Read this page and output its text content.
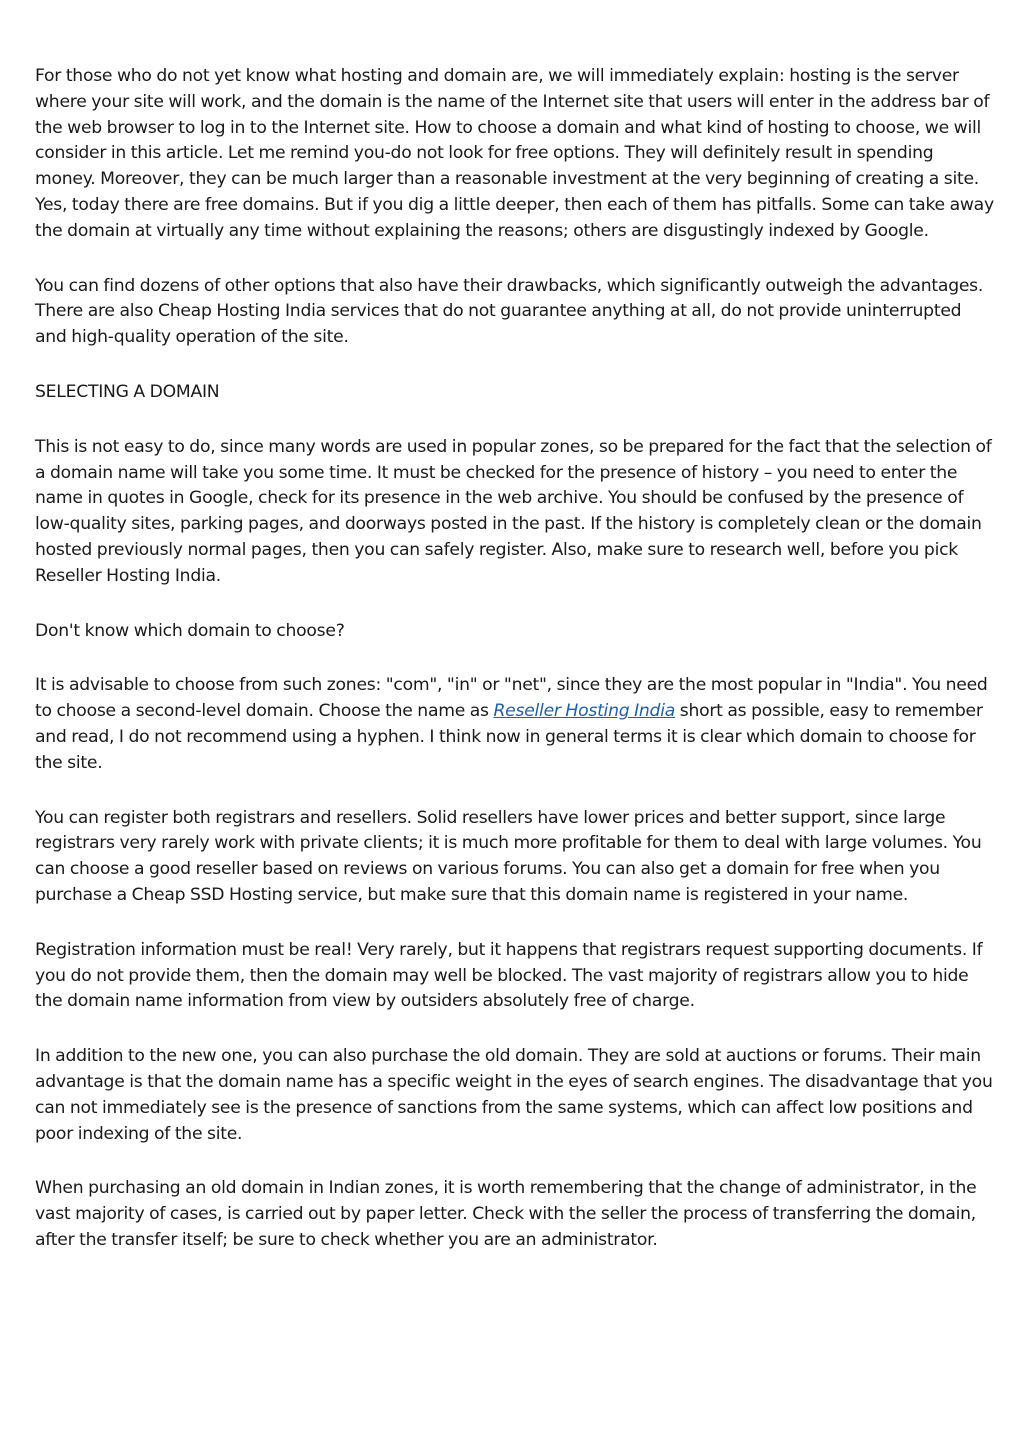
For those who do not yet know what hosting and domain are, we will immediately explain: hosting is the server where your site will work, and the domain is the name of the Internet site that users will enter in the address bar of the web browser to log in to the Internet site. How to choose a domain and what kind of hosting to choose, we will consider in this article. Let me remind you-do not look for free options. They will definitely result in spending money. Moreover, they can be much larger than a reasonable investment at the very beginning of creating a site. Yes, today there are free domains. But if you dig a little deeper, then each of them has pitfalls. Some can take away the domain at virtually any time without explaining the reasons; others are disgustingly indexed by Google.

You can find dozens of other options that also have their drawbacks, which significantly outweigh the advantages. There are also Cheap Hosting India services that do not guarantee anything at all, do not provide uninterrupted and high-quality operation of the site.

SELECTING A DOMAIN

This is not easy to do, since many words are used in popular zones, so be prepared for the fact that the selection of a domain name will take you some time. It must be checked for the presence of history – you need to enter the name in quotes in Google, check for its presence in the web archive. You should be confused by the presence of low-quality sites, parking pages, and doorways posted in the past. If the history is completely clean or the domain hosted previously normal pages, then you can safely register. Also, make sure to research well, before you pick Reseller Hosting India.

Don't know which domain to choose?

It is advisable to choose from such zones: "com", "in" or "net", since they are the most popular in "India". You need to choose a second-level domain. Choose the name as Reseller Hosting India short as possible, easy to remember and read, I do not recommend using a hyphen. I think now in general terms it is clear which domain to choose for the site.

You can register both registrars and resellers. Solid resellers have lower prices and better support, since large registrars very rarely work with private clients; it is much more profitable for them to deal with large volumes. You can choose a good reseller based on reviews on various forums. You can also get a domain for free when you purchase a Cheap SSD Hosting service, but make sure that this domain name is registered in your name.

Registration information must be real! Very rarely, but it happens that registrars request supporting documents. If you do not provide them, then the domain may well be blocked. The vast majority of registrars allow you to hide the domain name information from view by outsiders absolutely free of charge.

In addition to the new one, you can also purchase the old domain. They are sold at auctions or forums. Their main advantage is that the domain name has a specific weight in the eyes of search engines. The disadvantage that you can not immediately see is the presence of sanctions from the same systems, which can affect low positions and poor indexing of the site.

When purchasing an old domain in Indian zones, it is worth remembering that the change of administrator, in the vast majority of cases, is carried out by paper letter. Check with the seller the process of transferring the domain, after the transfer itself; be sure to check whether you are an administrator.
